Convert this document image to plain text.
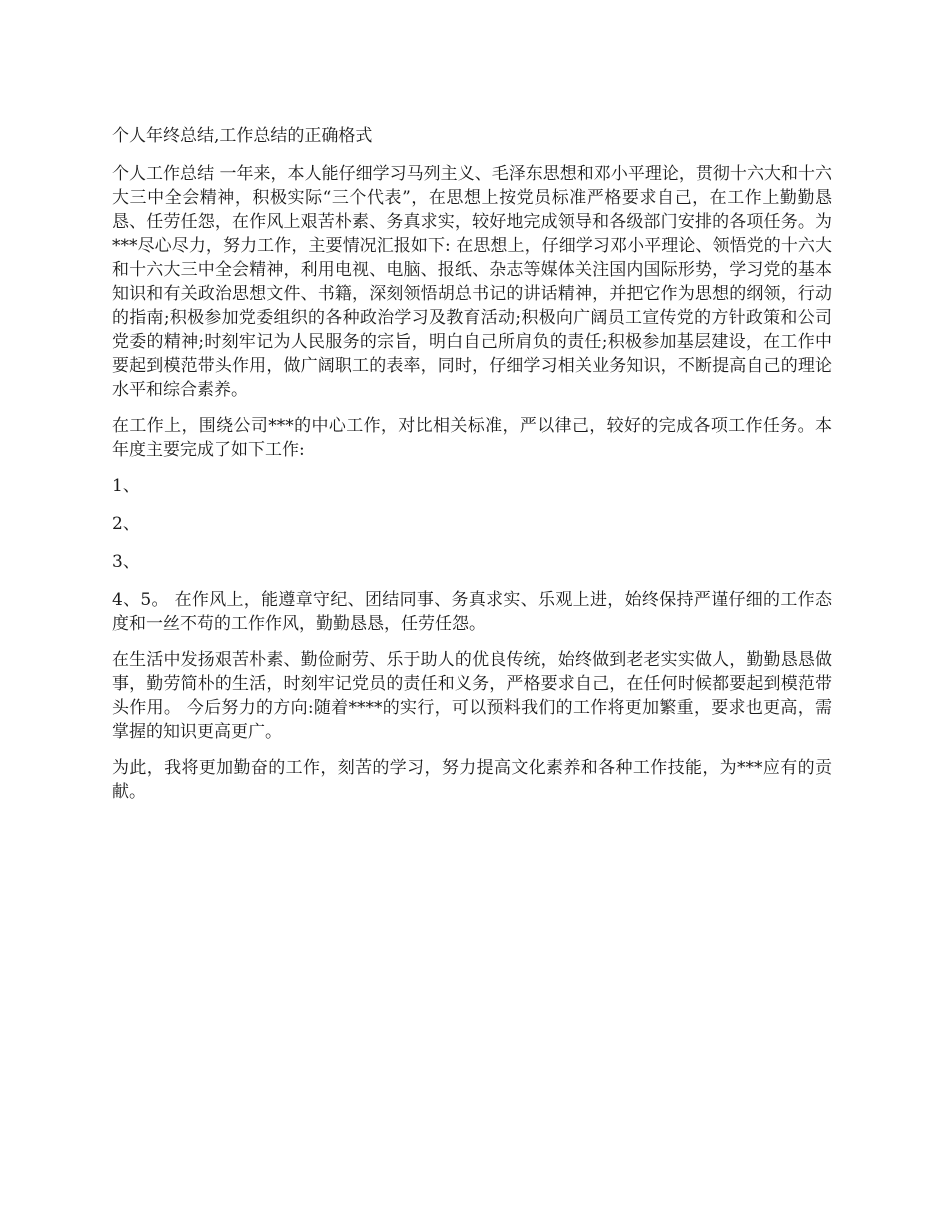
个人年终总结,工作总结的正确格式

个人工作总结 一年来，本人能仔细学习马列主义、毛泽东思想和邓小平理论，贯彻十六大和十六大三中全会精神，积极实际“三个代表”，在思想上按党员标准严格要求自己，在工作上勤勤恳恳、任劳任怨，在作风上艰苦朴素、务真求实，较好地完成领导和各级部门安排的各项任务。为***尽心尽力，努力工作，主要情况汇报如下: 在思想上，仔细学习邓小平理论、领悟党的十六大和十六大三中全会精神，利用电视、电脑、报纸、杂志等媒体关注国内国际形势，学习党的基本知识和有关政治思想文件、书籍，深刻领悟胡总书记的讲话精神，并把它作为思想的纲领，行动的指南;积极参加党委组织的各种政治学习及教育活动;积极向广阔员工宣传党的方针政策和公司党委的精神;时刻牢记为人民服务的宗旨，明白自己所肩负的责任;积极参加基层建设，在工作中要起到模范带头作用，做广阔职工的表率，同时，仔细学习相关业务知识，不断提高自己的理论水平和综合素养。

在工作上，围绕公司***的中心工作，对比相关标准，严以律己，较好的完成各项工作任务。本年度主要完成了如下工作:

1、

2、

3、

4、5。 在作风上，能遵章守纪、团结同事、务真求实、乐观上进，始终保持严谨仔细的工作态度和一丝不苟的工作作风，勤勤恳恳，任劳任怨。

在生活中发扬艰苦朴素、勤俭耐劳、乐于助人的优良传统，始终做到老老实实做人，勤勤恳恳做事，勤劳简朴的生活，时刻牢记党员的责任和义务，严格要求自己，在任何时候都要起到模范带头作用。 今后努力的方向:随着****的实行，可以预料我们的工作将更加繁重，要求也更高，需掌握的知识更高更广。

为此，我将更加勤奋的工作，刻苦的学习，努力提高文化素养和各种工作技能，为***应有的贡献。
